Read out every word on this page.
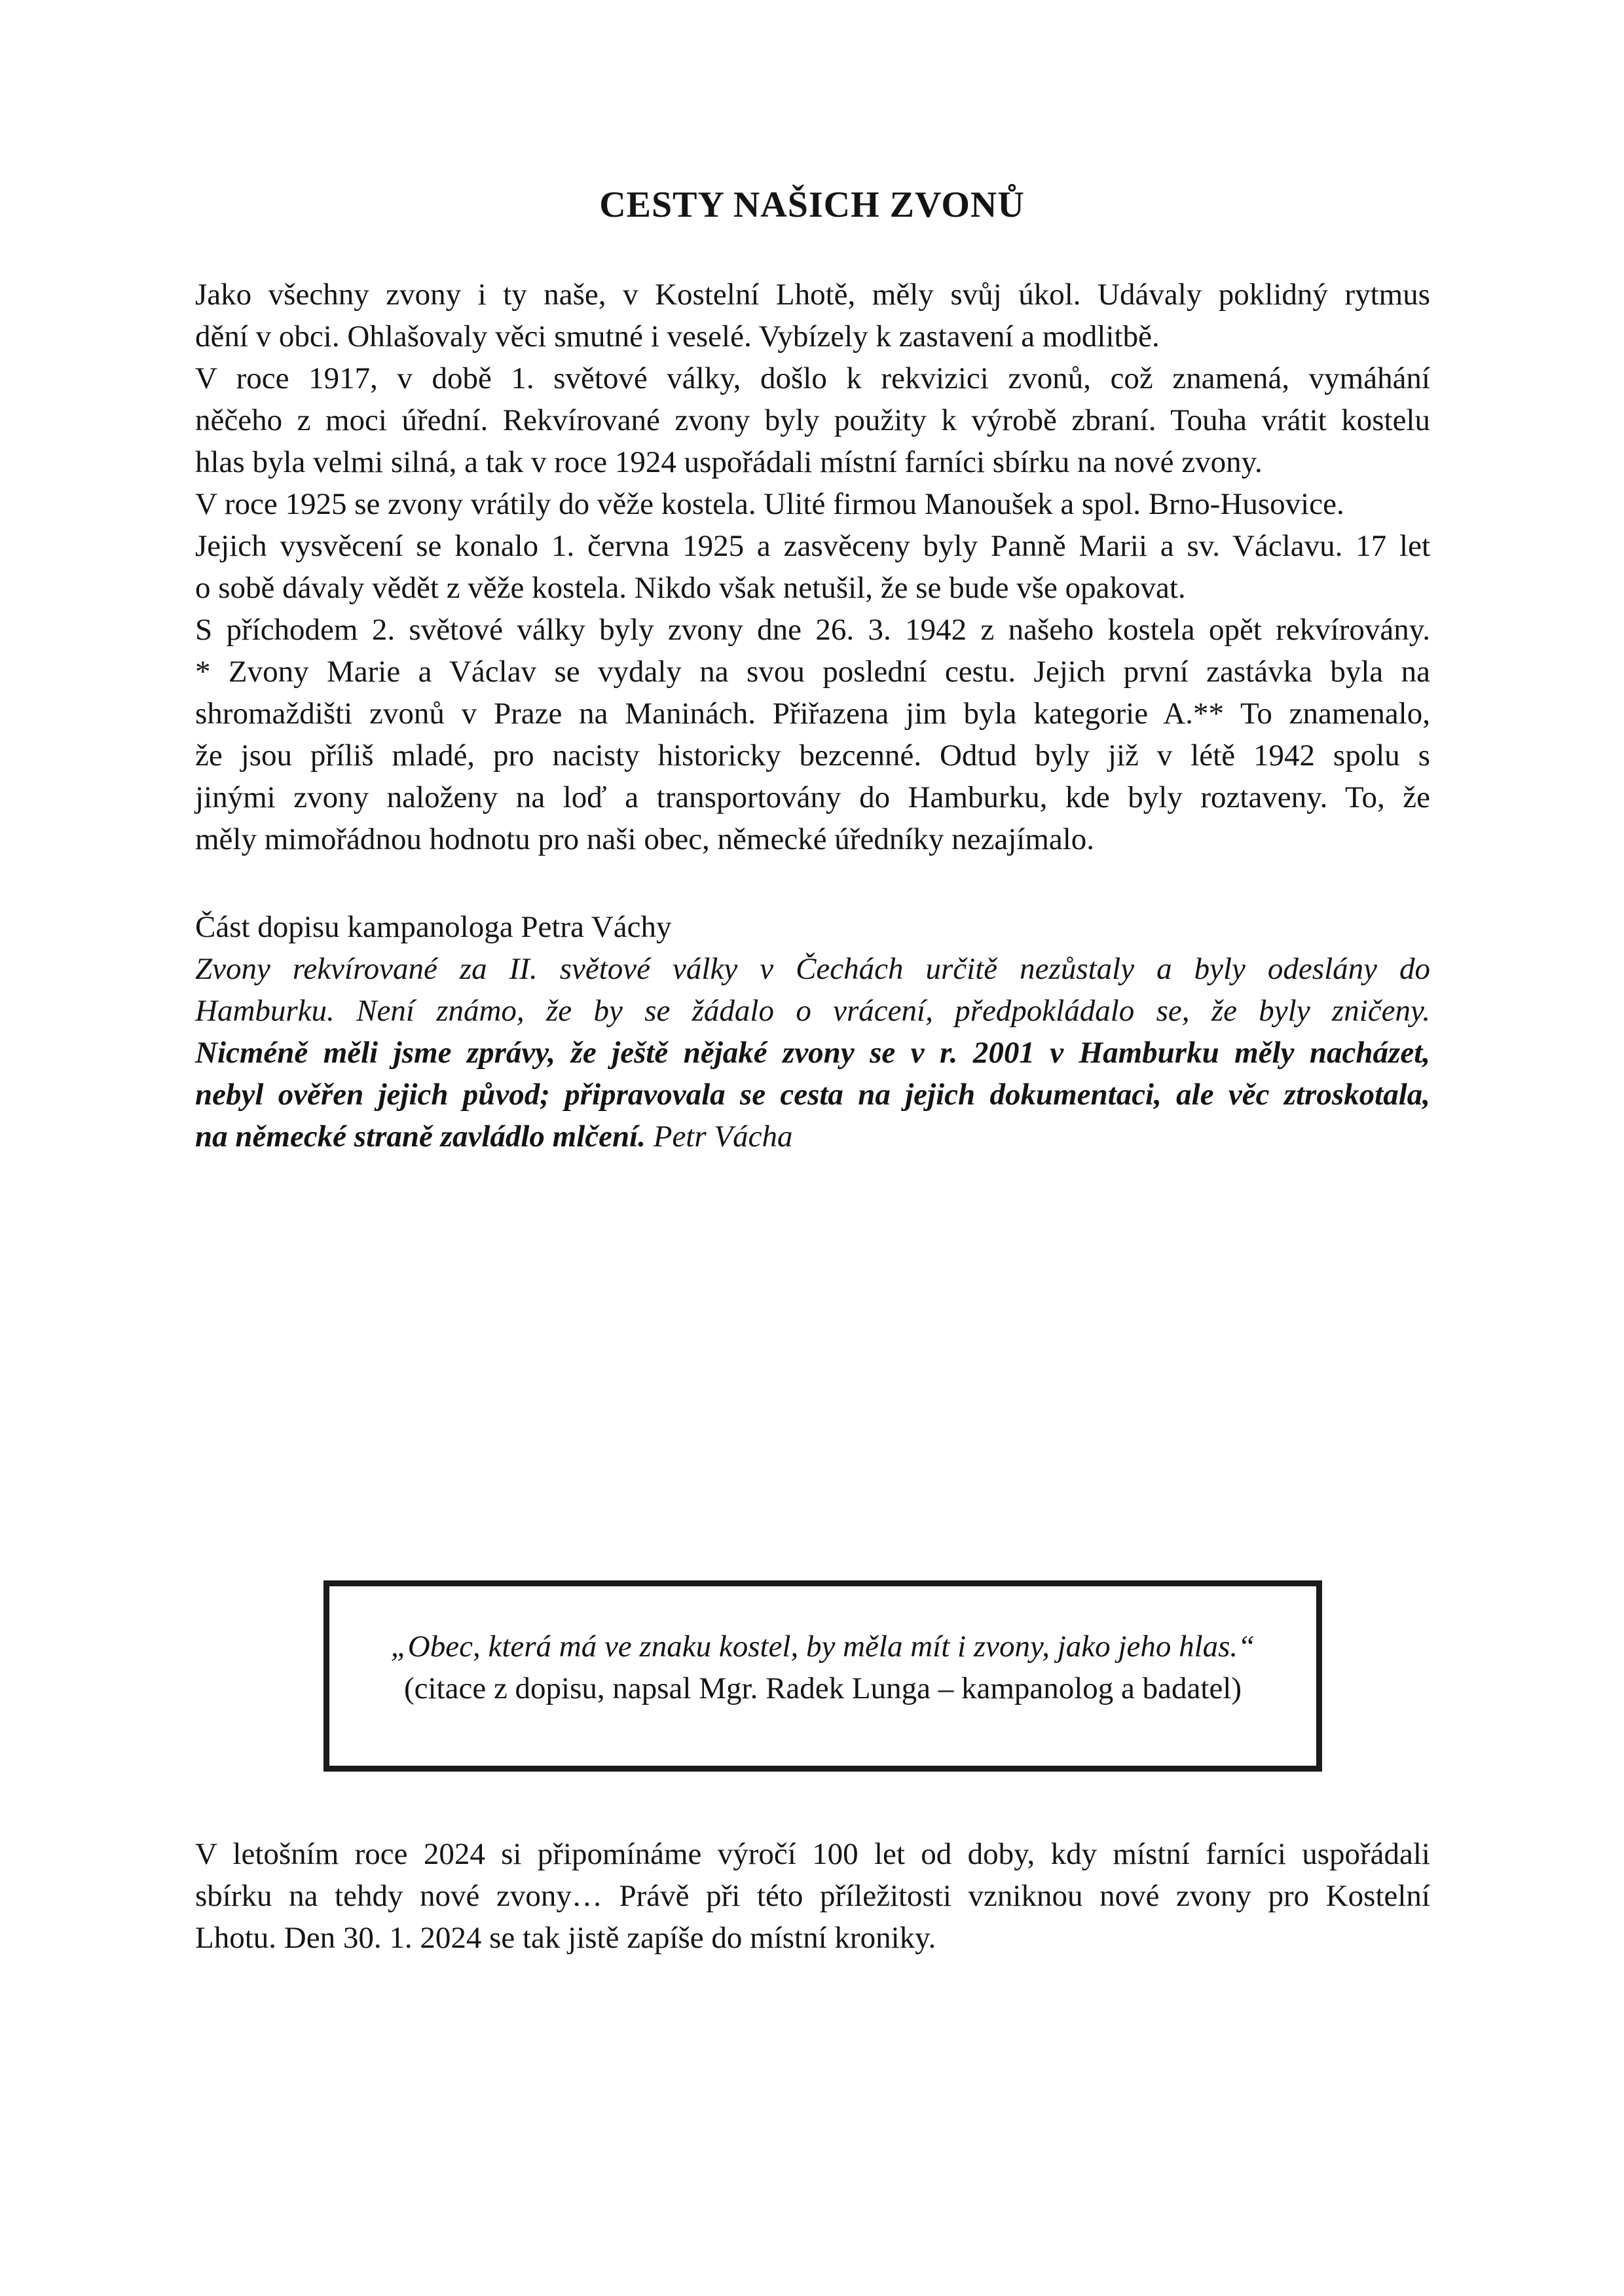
CESTY NAŠICH ZVONŮ
Jako všechny zvony i ty naše, v Kostelní Lhotě, měly svůj úkol. Udávaly poklidný rytmus
dění v obci. Ohlašovaly věci smutné i veselé. Vybízely k zastavení a modlitbě.
V roce 1917, v době 1. světové války, došlo k rekvizici zvonů, což znamená, vymáhání
něčeho z moci úřední. Rekvírované zvony byly použity k výrobě zbraní. Touha vrátit kostelu
hlas byla velmi silná, a tak v roce 1924 uspořádali místní farníci sbírku na nové zvony.
V roce 1925 se zvony vrátily do věže kostela. Ulité firmou Manoušek a spol. Brno-Husovice.
Jejich vysvěcení se konalo 1. června 1925 a zasvěceny byly Panně Marii a sv. Václavu. 17 let
o sobě dávaly vědět z věže kostela. Nikdo však netušil, že se bude vše opakovat.
S příchodem 2. světové války byly zvony dne 26. 3. 1942 z našeho kostela opět rekvírovány.
* Zvony Marie a Václav se vydaly na svou poslední cestu. Jejich první zastávka byla na
shromaždišti zvonů v Praze na Maninách. Přiřazena jim byla kategorie A.** To znamenalo,
že jsou příliš mladé, pro nacisty historicky bezcenné. Odtud byly již v létě 1942 spolu s
jinými zvony naloženy na loď a transportovány do Hamburku, kde byly roztaveny. To, že
měly mimořádnou hodnotu pro naši obec, německé úředníky nezajímalo.
Část dopisu kampanologa Petra Váchy
Zvony rekvírované za II. světové války v Čechách určitě nezůstaly a byly odeslány do
Hamburku. Není známo, že by se žádalo o vrácení, předpokládalo se, že byly zničeny.
Nicméně měli jsme zprávy, že ještě nějaké zvony se v r. 2001 v Hamburku měly nacházet,
nebyl ověřen jejich původ; připravovala se cesta na jejich dokumentaci, ale věc ztroskotala,
na německé straně zavládlo mlčení. Petr Vácha
„Obec, která má ve znaku kostel, by měla mít i zvony, jako jeho hlas.“
(citace z dopisu, napsal Mgr. Radek Lunga – kampanolog a badatel)
V letošním roce 2024 si připomínáme výročí 100 let od doby, kdy místní farníci uspořádali
sbírku na tehdy nové zvony… Právě při této příležitosti vzniknou nové zvony pro Kostelní
Lhotu. Den 30. 1. 2024 se tak jistě zapíše do místní kroniky.
